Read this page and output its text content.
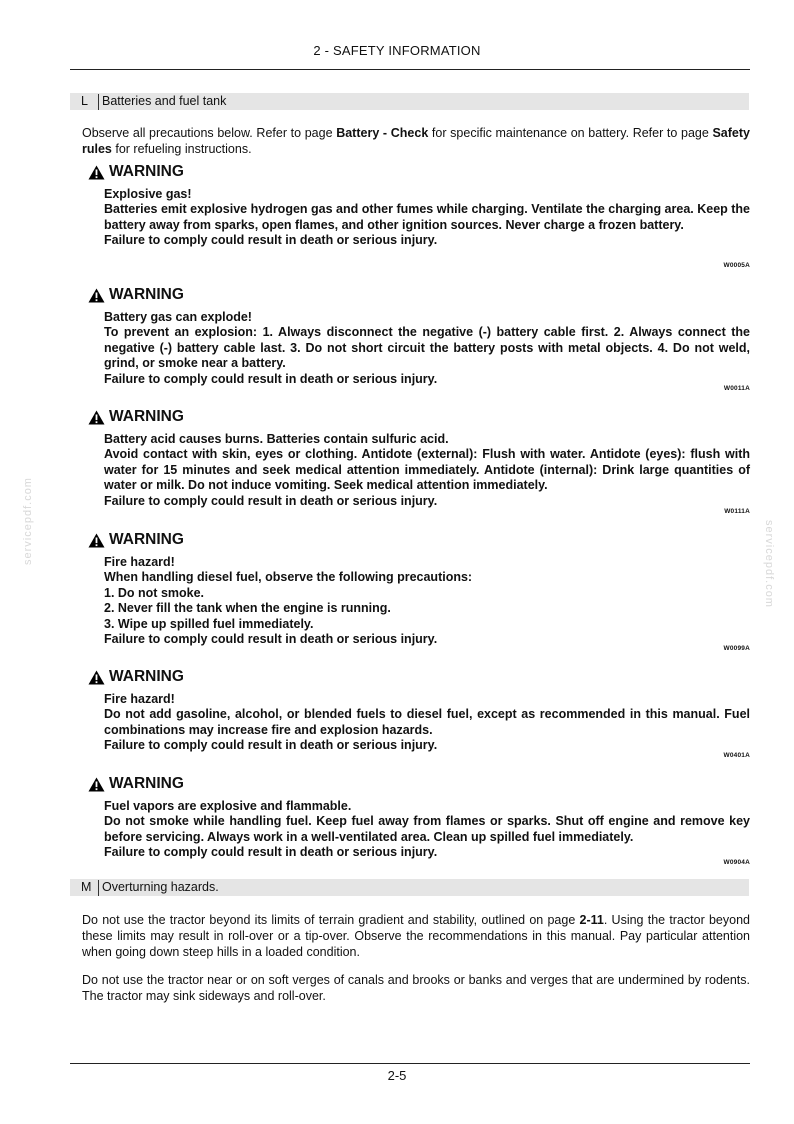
2 - SAFETY INFORMATION
servicepdf.com	servicepdf.com
L Batteries and fuel tank

Observe all precautions below. Refer to page Battery - Check for specific maintenance on battery. Refer to page Safety rules for refueling instructions.

WARNING

Explosive gas!
Batteries emit explosive hydrogen gas and other fumes while charging. Ventilate the charging area. Keep the battery away from sparks, open flames, and other ignition sources. Never charge a frozen battery.
Failure to comply could result in death or serious injury.

W0005A
WARNING

Battery gas can explode!
To prevent an explosion: 1. Always disconnect the negative (-) battery cable first. 2. Always connect the negative (-) battery cable last. 3. Do not short circuit the battery posts with metal objects. 4. Do not weld, grind, or smoke near a battery.
Failure to comply could result in death or serious injury.

W0011A
WARNING

Battery acid causes burns. Batteries contain sulfuric acid.
Avoid contact with skin, eyes or clothing. Antidote (external): Flush with water. Antidote (eyes): flush with water for 15 minutes and seek medical attention immediately. Antidote (internal): Drink large quantities of water or milk. Do not induce vomiting. Seek medical attention immediately.
Failure to comply could result in death or serious injury.

W0111A
WARNING

Fire hazard!
When handling diesel fuel, observe the following precautions:
1. Do not smoke.
2. Never fill the tank when the engine is running.
3. Wipe up spilled fuel immediately.
Failure to comply could result in death or serious injury.

W0099A
WARNING

Fire hazard!
Do not add gasoline, alcohol, or blended fuels to diesel fuel, except as recommended in this manual. Fuel combinations may increase fire and explosion hazards.
Failure to comply could result in death or serious injury.

W0401A
WARNING

Fuel vapors are explosive and flammable.
Do not smoke while handling fuel. Keep fuel away from flames or sparks. Shut off engine and remove key before servicing. Always work in a well-ventilated area. Clean up spilled fuel immediately.
Failure to comply could result in death or serious injury.

W0904A
M Overturning hazards.

Do not use the tractor beyond its limits of terrain gradient and stability, outlined on page 2-11. Using the tractor beyond these limits may result in roll-over or a tip-over. Observe the recommendations in this manual. Pay particular attention when going down steep hills in a loaded condition.

Do not use the tractor near or on soft verges of canals and brooks or banks and verges that are undermined by rodents. The tractor may sink sideways and roll-over.

2-5
